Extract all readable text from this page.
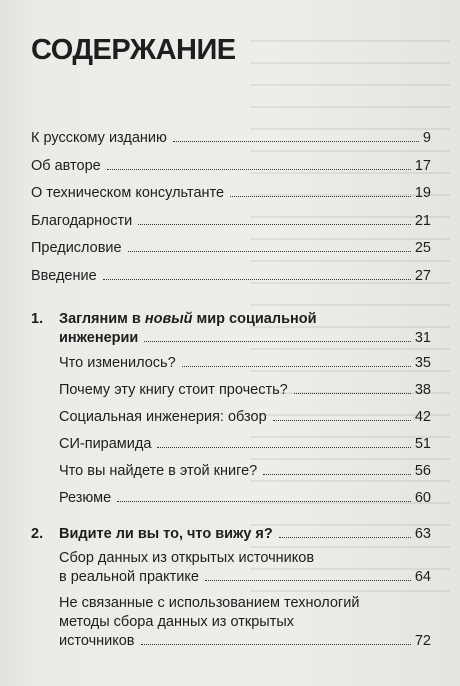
СОДЕРЖАНИЕ
К русскому изданию	9
Об авторе	17
О техническом консультанте	19
Благодарности	21
Предисловие	25
Введение	27
1. Загляним в новый мир социальной
инженерии	31
Что изменилось?	35
Почему эту книгу стоит прочесть?	38
Социальная инженерия: обзор	42
СИ-пирамида	51
Что вы найдете в этой книге?	56
Резюме	60
2. Видите ли вы то, что вижу я?	63
Сбор данных из открытых источников
в реальной практике	64
Не связанные с использованием технологий
методы сбора данных из открытых
источников	72
